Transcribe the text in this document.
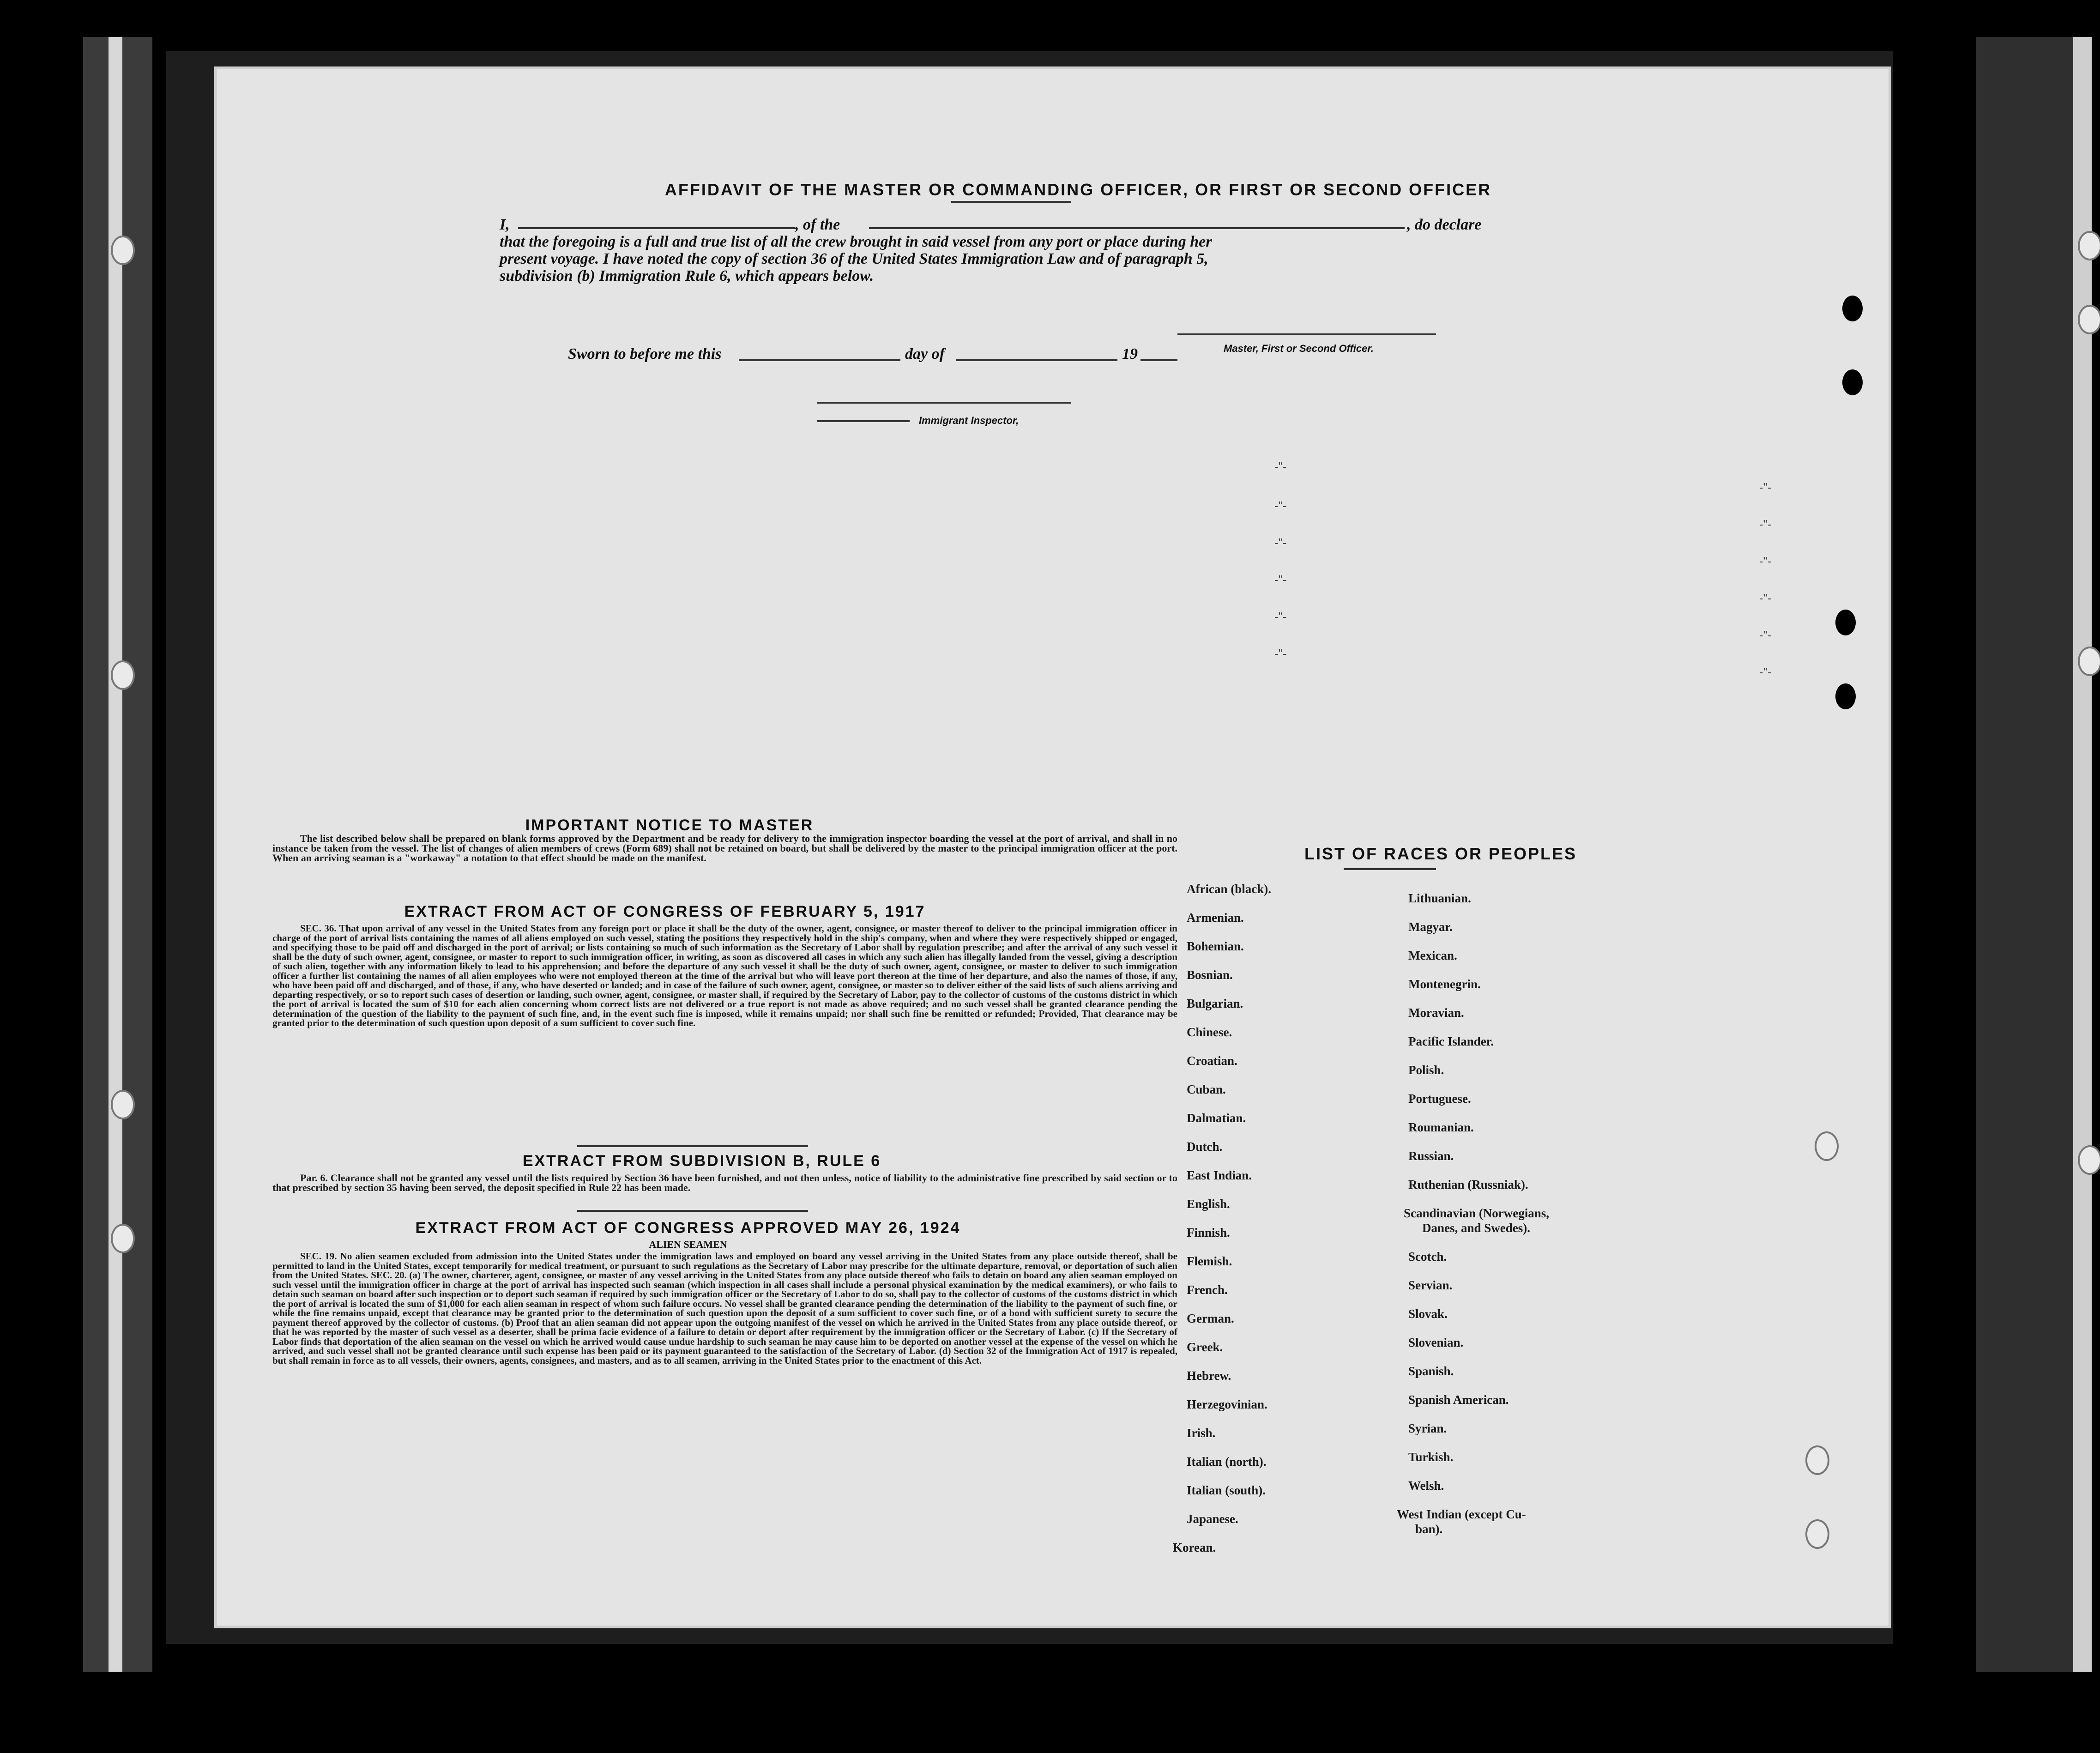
AFFIDAVIT OF THE MASTER OR COMMANDING OFFICER, OR FIRST OR SECOND OFFICER
I,	, of the	, do declare
that the foregoing is a full and true list of all the crew brought in said vessel from any port or place during her
present voyage. I have noted the copy of section 36 of the United States Immigration Law and of paragraph 5,
subdivision (b) Immigration Rule 6, which appears below.
Master, First or Second Officer.
Sworn to before me this	day of	19
Immigrant Inspector,
-"-
-"-
-"-
-"-
-"-
-"-
-"-
-"-
-"-
-"-
-"-
-"-
IMPORTANT NOTICE TO MASTER
The list described below shall be prepared on blank forms approved by the Department and be ready for delivery to the immigration inspector boarding the vessel at the port of arrival, and shall in no instance be taken from the vessel. The list of changes of alien members of crews (Form 689) shall not be retained on board, but shall be delivered by the master to the principal immigration officer at the port. When an arriving seaman is a "workaway" a notation to that effect should be made on the manifest.
EXTRACT FROM ACT OF CONGRESS OF FEBRUARY 5, 1917
SEC. 36. That upon arrival of any vessel in the United States from any foreign port or place it shall be the duty of the owner, agent, consignee, or master thereof to deliver to the principal immigration officer in charge of the port of arrival lists containing the names of all aliens employed on such vessel, stating the positions they respectively hold in the ship's company, when and where they were respectively shipped or engaged, and specifying those to be paid off and discharged in the port of arrival; or lists containing so much of such information as the Secretary of Labor shall by regulation prescribe; and after the arrival of any such vessel it shall be the duty of such owner, agent, consignee, or master to report to such immigration officer, in writing, as soon as discovered all cases in which any such alien has illegally landed from the vessel, giving a description of such alien, together with any information likely to lead to his apprehension; and before the departure of any such vessel it shall be the duty of such owner, agent, consignee, or master to deliver to such immigration officer a further list containing the names of all alien employees who were not employed thereon at the time of the arrival but who will leave port thereon at the time of her departure, and also the names of those, if any, who have been paid off and discharged, and of those, if any, who have deserted or landed; and in case of the failure of such owner, agent, consignee, or master so to deliver either of the said lists of such aliens arriving and departing respectively, or so to report such cases of desertion or landing, such owner, agent, consignee, or master shall, if required by the Secretary of Labor, pay to the collector of customs of the customs district in which the port of arrival is located the sum of $10 for each alien concerning whom correct lists are not delivered or a true report is not made as above required; and no such vessel shall be granted clearance pending the determination of the question of the liability to the payment of such fine, and, in the event such fine is imposed, while it remains unpaid; nor shall such fine be remitted or refunded; Provided, That clearance may be granted prior to the determination of such question upon deposit of a sum sufficient to cover such fine.
EXTRACT FROM SUBDIVISION B, RULE 6
Par. 6. Clearance shall not be granted any vessel until the lists required by Section 36 have been furnished, and not then unless, notice of liability to the administrative fine prescribed by said section or to that prescribed by section 35 having been served, the deposit specified in Rule 22 has been made.
EXTRACT FROM ACT OF CONGRESS APPROVED MAY 26, 1924
ALIEN SEAMEN
SEC. 19. No alien seamen excluded from admission into the United States under the immigration laws and employed on board any vessel arriving in the United States from any place outside thereof, shall be permitted to land in the United States, except temporarily for medical treatment, or pursuant to such regulations as the Secretary of Labor may prescribe for the ultimate departure, removal, or deportation of such alien from the United States. SEC. 20. (a) The owner, charterer, agent, consignee, or master of any vessel arriving in the United States from any place outside thereof who fails to detain on board any alien seaman employed on such vessel until the immigration officer in charge at the port of arrival has inspected such seaman (which inspection in all cases shall include a personal physical examination by the medical examiners), or who fails to detain such seaman on board after such inspection or to deport such seaman if required by such immigration officer or the Secretary of Labor to do so, shall pay to the collector of customs of the customs district in which the port of arrival is located the sum of $1,000 for each alien seaman in respect of whom such failure occurs. No vessel shall be granted clearance pending the determination of the liability to the payment of such fine, or while the fine remains unpaid, except that clearance may be granted prior to the determination of such question upon the deposit of a sum sufficient to cover such fine, or of a bond with sufficient surety to secure the payment thereof approved by the collector of customs. (b) Proof that an alien seaman did not appear upon the outgoing manifest of the vessel on which he arrived in the United States from any place outside thereof, or that he was reported by the master of such vessel as a deserter, shall be prima facie evidence of a failure to detain or deport after requirement by the immigration officer or the Secretary of Labor. (c) If the Secretary of Labor finds that deportation of the alien seaman on the vessel on which he arrived would cause undue hardship to such seaman he may cause him to be deported on another vessel at the expense of the vessel on which he arrived, and such vessel shall not be granted clearance until such expense has been paid or its payment guaranteed to the satisfaction of the Secretary of Labor. (d) Section 32 of the Immigration Act of 1917 is repealed, but shall remain in force as to all vessels, their owners, agents, consignees, and masters, and as to all seamen, arriving in the United States prior to the enactment of this Act.
LIST OF RACES OR PEOPLES
African (black).
Armenian.
Bohemian.
Bosnian.
Bulgarian.
Chinese.
Croatian.
Cuban.
Dalmatian.
Dutch.
East Indian.
English.
Finnish.
Flemish.
French.
German.
Greek.
Hebrew.
Herzegovinian.
Irish.
Italian (north).
Italian (south).
Japanese.
Korean.
Lithuanian.
Magyar.
Mexican.
Montenegrin.
Moravian.
Pacific Islander.
Polish.
Portuguese.
Roumanian.
Russian.
Ruthenian (Russniak).
Scandinavian (Norwegians,
Danes, and Swedes).
Scotch.
Servian.
Slovak.
Slovenian.
Spanish.
Spanish American.
Syrian.
Turkish.
Welsh.
West Indian (except Cu-
ban).
